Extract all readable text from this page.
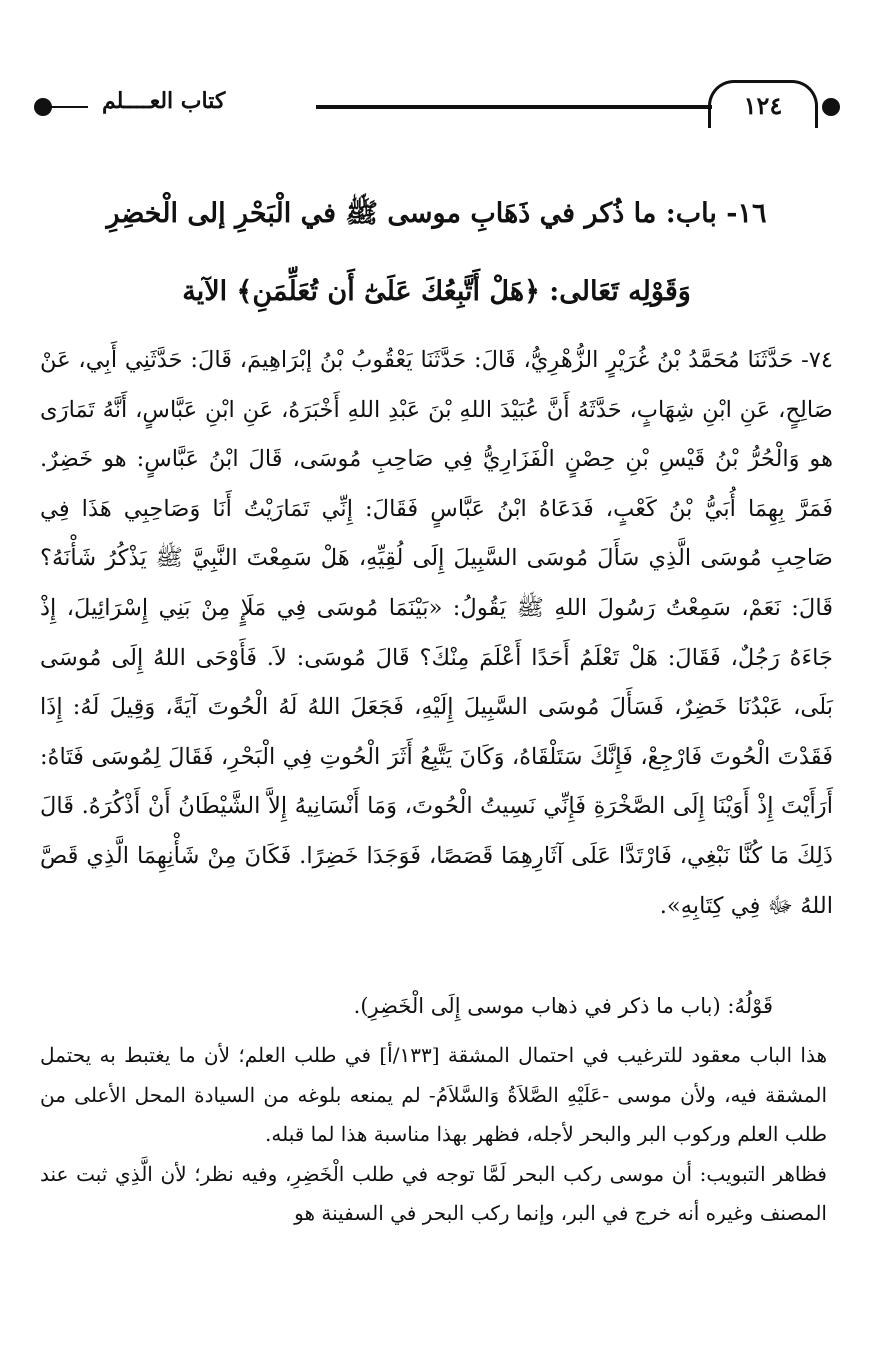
كتاب العــــلم	١٢٤
١٦- باب: ما ذُكر في ذَهَابِ موسى ﷺ في الْبَحْرِ إلى الْخضِرِ
وَقَوْلِه تَعَالى: ﴿هَلْ أَتَّبِعُكَ عَلَىٰٓ أَن تُعَلِّمَنِ﴾ الآية
٧٤- حَدَّثَنَا مُحَمَّدُ بْنُ غُرَيْرٍ الزُّهْرِيُّ، قَالَ: حَدَّثَنَا يَعْقُوبُ بْنُ إبْرَاهِيمَ، قَالَ: حَدَّثَنِي أَبِي، عَنْ صَالِحٍ، عَنِ ابْنِ شِهَابٍ، حَدَّثَهُ أَنَّ عُبَيْدَ اللهِ بْنَ عَبْدِ اللهِ أَخْبَرَهُ، عَنِ ابْنِ عَبَّاسٍ، أَنَّهُ تَمَارَى هو وَالْحُرُّ بْنُ قَيْسِ بْنِ حِصْنٍ الْفَزَارِيُّ فِي صَاحِبِ مُوسَى، قَالَ ابْنُ عَبَّاسٍ: هو خَضِرٌ. فَمَرَّ بِهِمَا أُبَيُّ بْنُ كَعْبٍ، فَدَعَاهُ ابْنُ عَبَّاسٍ فَقَالَ: إِنِّي تَمَارَيْتُ أَنَا وَصَاحِبِي هَذَا فِي صَاحِبِ مُوسَى الَّذِي سَأَلَ مُوسَى السَّبِيلَ إِلَى لُقِيِّهِ، هَلْ سَمِعْتَ النَّبِيَّ ﷺ يَذْكُرُ شَأْنَهُ؟ قَالَ: نَعَمْ، سَمِعْتُ رَسُولَ اللهِ ﷺ يَقُولُ: «بَيْنَمَا مُوسَى فِي مَلَإٍ مِنْ بَنِي إِسْرَائِيلَ، إِذْ جَاءَهُ رَجُلٌ، فَقَالَ: هَلْ تَعْلَمُ أَحَدًا أَعْلَمَ مِنْكَ؟ قَالَ مُوسَى: لاَ. فَأَوْحَى اللهُ إِلَى مُوسَى بَلَى، عَبْدُنَا خَضِرٌ، فَسَأَلَ مُوسَى السَّبِيلَ إِلَيْهِ، فَجَعَلَ اللهُ لَهُ الْحُوتَ آيَةً، وَقِيلَ لَهُ: إِذَا فَقَدْتَ الْحُوتَ فَارْجِعْ، فَإِنَّكَ سَتَلْقَاهُ، وَكَانَ يَتَّبِعُ أَثَرَ الْحُوتِ فِي الْبَحْرِ، فَقَالَ لِمُوسَى فَتَاهُ: أَرَأَيْتَ إِذْ أَوَيْنَا إِلَى الصَّخْرَةِ فَإِنِّي نَسِيتُ الْحُوتَ، وَمَا أَنْسَانِيهُ إِلاَّ الشَّيْطَانُ أَنْ أَذْكُرَهُ. قَالَ ذَلِكَ مَا كُنَّا نَبْغِي، فَارْتَدَّا عَلَى آثَارِهِمَا قَصَصًا، فَوَجَدَا خَضِرًا. فَكَانَ مِنْ شَأْنِهِمَا الَّذِي قَصَّ اللهُ ﷻ فِي كِتَابِهِ».
قَوْلُهُ: (باب ما ذكر في ذهاب موسى إِلَى الْخَضِرِ).

هذا الباب معقود للترغيب في احتمال المشقة [١٣٣/أ] في طلب العلم؛ لأن ما يغتبط به يحتمل المشقة فيه، ولأن موسى -عَلَيْهِ الصَّلاَةُ وَالسَّلاَمُ- لم يمنعه بلوغه من السيادة المحل الأعلى من طلب العلم وركوب البر والبحر لأجله، فظهر بهذا مناسبة هذا لما قبله.

فظاهر التبويب: أن موسى ركب البحر لَمَّا توجه في طلب الْخَضِرِ، وفيه نظر؛ لأن الَّذِي ثبت عند المصنف وغيره أنه خرج في البر، وإنما ركب البحر في السفينة هو
